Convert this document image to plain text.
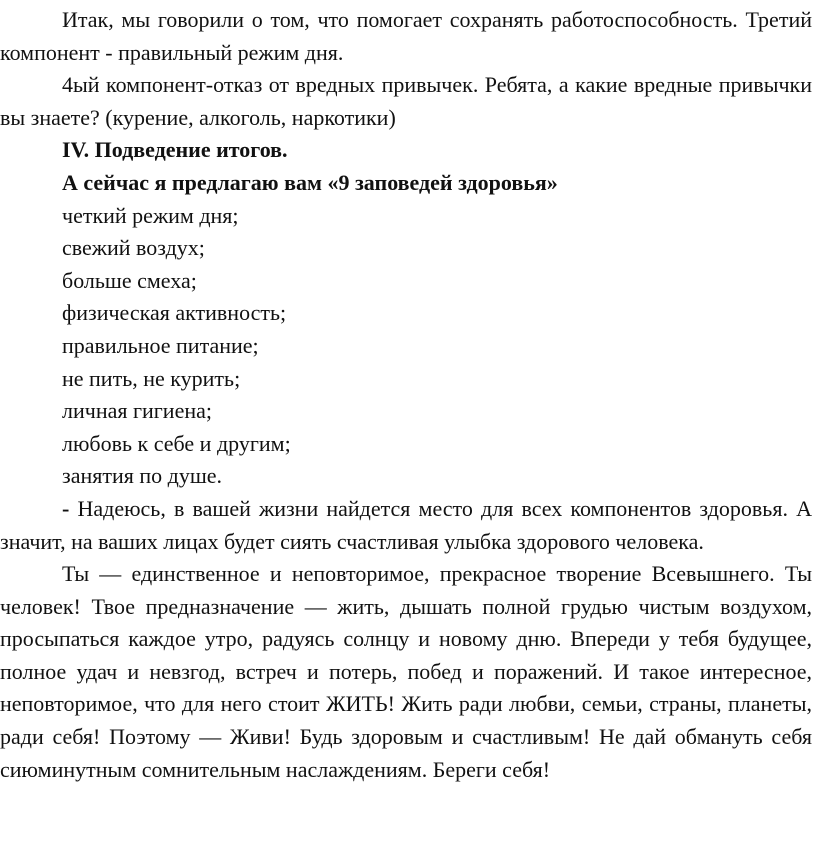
Итак, мы говорили о том, что помогает сохранять работоспособность. Третий компонент - правильный режим дня.

4ый компонент-отказ от вредных привычек. Ребята, а какие вредные привычки вы знаете? (курение, алкоголь, наркотики)

IV. Подведение итогов.

А сейчас я предлагаю вам «9 заповедей здоровья»

четкий режим дня;

свежий воздух;

больше смеха;

физическая активность;

правильное питание;

не пить, не курить;

личная гигиена;

любовь к себе и другим;

занятия по душе.

- Надеюсь, в вашей жизни найдется место для всех компонентов здоровья. А значит, на ваших лицах будет сиять счастливая улыбка здорового человека.

Ты — единственное и неповторимое, прекрасное творение Всевышнего. Ты человек! Твое предназначение — жить, дышать полной грудью чистым воздухом, просыпаться каждое утро, радуясь солнцу и новому дню. Впереди у тебя будущее, полное удач и невзгод, встреч и потерь, побед и поражений. И такое интересное, неповторимое, что для него стоит ЖИТЬ! Жить ради любви, семьи, страны, планеты, ради себя! Поэтому — Живи! Будь здоровым и счастливым! Не дай обмануть себя сиюминутным сомнительным наслаждениям. Береги себя!
